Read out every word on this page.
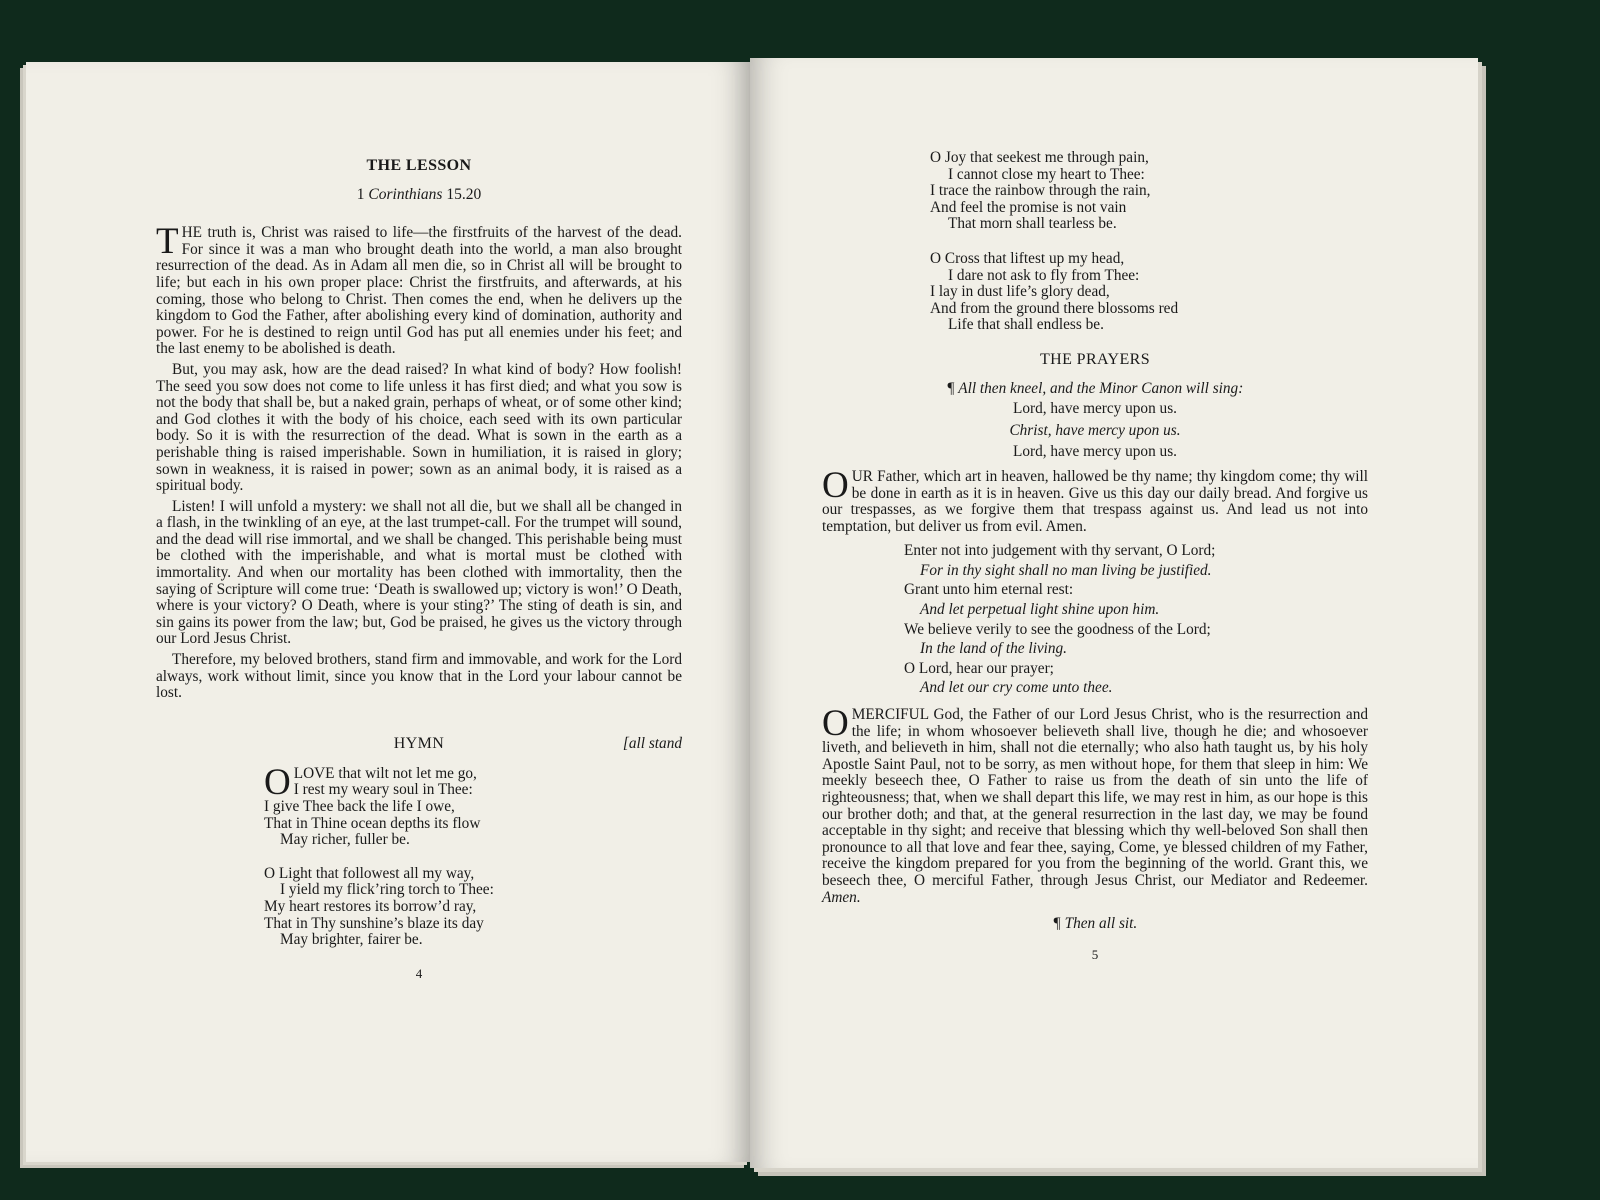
THE LESSON
1 Corinthians 15.20

T HE truth is, Christ was raised to life—the firstfruits of the harvest of the dead. For since it was a man who brought death into the world, a man also brought resurrection of the dead. As in Adam all men die, so in Christ all will be brought to life; but each in his own proper place: Christ the firstfruits, and afterwards, at his coming, those who belong to Christ. Then comes the end, when he delivers up the kingdom to God the Father, after abolishing every kind of domination, authority and power. For he is destined to reign until God has put all enemies under his feet; and the last enemy to be abolished is death.

But, you may ask, how are the dead raised? In what kind of body? How foolish! The seed you sow does not come to life unless it has first died; and what you sow is not the body that shall be, but a naked grain, perhaps of wheat, or of some other kind; and God clothes it with the body of his choice, each seed with its own particular body. So it is with the resurrection of the dead. What is sown in the earth as a perishable thing is raised imperishable. Sown in humiliation, it is raised in glory; sown in weakness, it is raised in power; sown as an animal body, it is raised as a spiritual body.

Listen! I will unfold a mystery: we shall not all die, but we shall all be changed in a flash, in the twinkling of an eye, at the last trumpet-call. For the trumpet will sound, and the dead will rise immortal, and we shall be changed. This perishable being must be clothed with the imperishable, and what is mortal must be clothed with immortality. And when our mortality has been clothed with immortality, then the saying of Scripture will come true: ‘Death is swallowed up; victory is won!’ O Death, where is your victory? O Death, where is your sting?’ The sting of death is sin, and sin gains its power from the law; but, God be praised, he gives us the victory through our Lord Jesus Christ.

Therefore, my beloved brothers, stand firm and immovable, and work for the Lord always, work without limit, since you know that in the Lord your labour cannot be lost.

HYMN	[all stand
O LOVE that wilt not let me go,
I rest my weary soul in Thee:
I give Thee back the life I owe,
That in Thine ocean depths its flow
May richer, fuller be.
O Light that followest all my way,
I yield my flick’ring torch to Thee:
My heart restores its borrow’d ray,
That in Thy sunshine’s blaze its day
May brighter, fairer be.
4
O Joy that seekest me through pain,
I cannot close my heart to Thee:
I trace the rainbow through the rain,
And feel the promise is not vain
That morn shall tearless be.
O Cross that liftest up my head,
I dare not ask to fly from Thee:
I lay in dust life’s glory dead,
And from the ground there blossoms red
Life that shall endless be.
THE PRAYERS
¶ All then kneel, and the Minor Canon will sing:
Lord, have mercy upon us.
Christ, have mercy upon us.
Lord, have mercy upon us.

O UR Father, which art in heaven, hallowed be thy name; thy kingdom come; thy will be done in earth as it is in heaven. Give us this day our daily bread. And forgive us our trespasses, as we forgive them that trespass against us. And lead us not into temptation, but deliver us from evil. Amen.

Enter not into judgement with thy servant, O Lord;
For in thy sight shall no man living be justified.
Grant unto him eternal rest:
And let perpetual light shine upon him.
We believe verily to see the goodness of the Lord;
In the land of the living.
O Lord, hear our prayer;
And let our cry come unto thee.

O MERCIFUL God, the Father of our Lord Jesus Christ, who is the resurrection and the life; in whom whosoever believeth shall live, though he die; and whosoever liveth, and believeth in him, shall not die eternally; who also hath taught us, by his holy Apostle Saint Paul, not to be sorry, as men without hope, for them that sleep in him: We meekly beseech thee, O Father to raise us from the death of sin unto the life of righteousness; that, when we shall depart this life, we may rest in him, as our hope is this our brother doth; and that, at the general resurrection in the last day, we may be found acceptable in thy sight; and receive that blessing which thy well-beloved Son shall then pronounce to all that love and fear thee, saying, Come, ye blessed children of my Father, receive the kingdom prepared for you from the beginning of the world. Grant this, we beseech thee, O merciful Father, through Jesus Christ, our Mediator and Redeemer. Amen.

¶ Then all sit.
5
